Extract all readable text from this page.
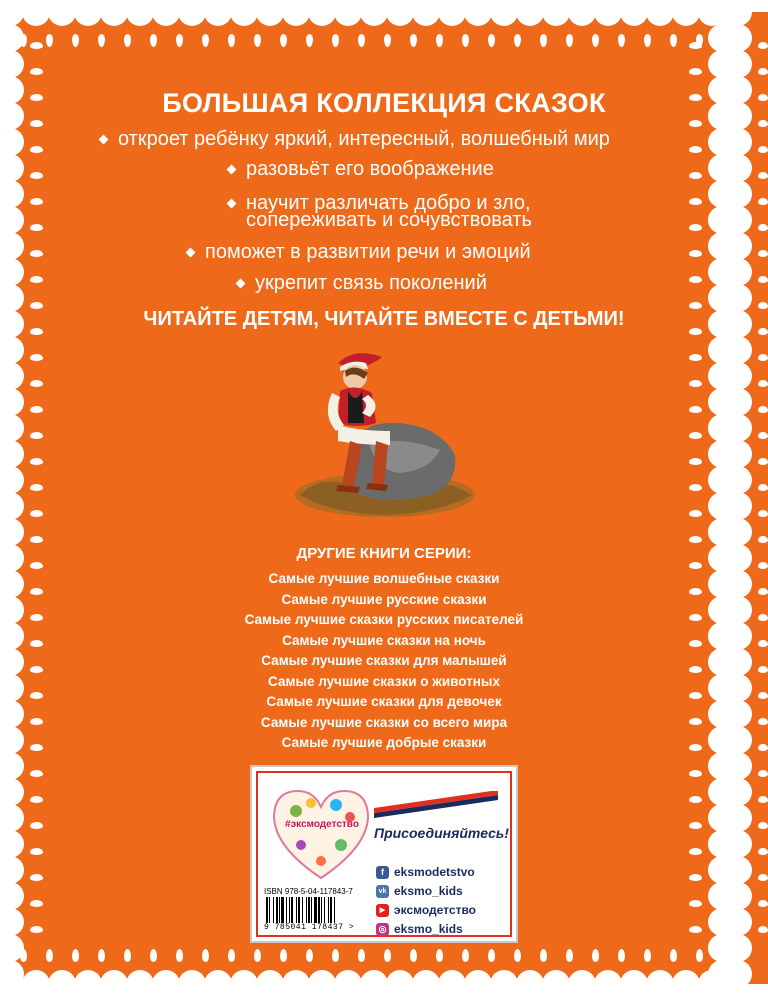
БОЛЬШАЯ КОЛЛЕКЦИЯ СКАЗОК
откроет ребёнку яркий, интересный, волшебный мир
разовьёт его воображение
научит различать добро и зло,
сопереживать и сочувствовать
поможет в развитии речи и эмоций
укрепит связь поколений
ЧИТАЙТЕ ДЕТЯМ, ЧИТАЙТЕ ВМЕСТЕ С ДЕТЬМИ!
ДРУГИЕ КНИГИ СЕРИИ:
Самые лучшие волшебные сказки
Самые лучшие русские сказки
Самые лучшие сказки русских писателей
Самые лучшие сказки на ночь
Самые лучшие сказки для малышей
Самые лучшие сказки о животных
Самые лучшие сказки для девочек
Самые лучшие сказки со всего мира
Самые лучшие добрые сказки
#эксмодетство
Присоединяйтесь!
f eksmodetstvo
vk eksmo_kids
▶ эксмодетство
◎ eksmo_kids
ISBN 978-5-04-117843-7
9 785041 178437 >
